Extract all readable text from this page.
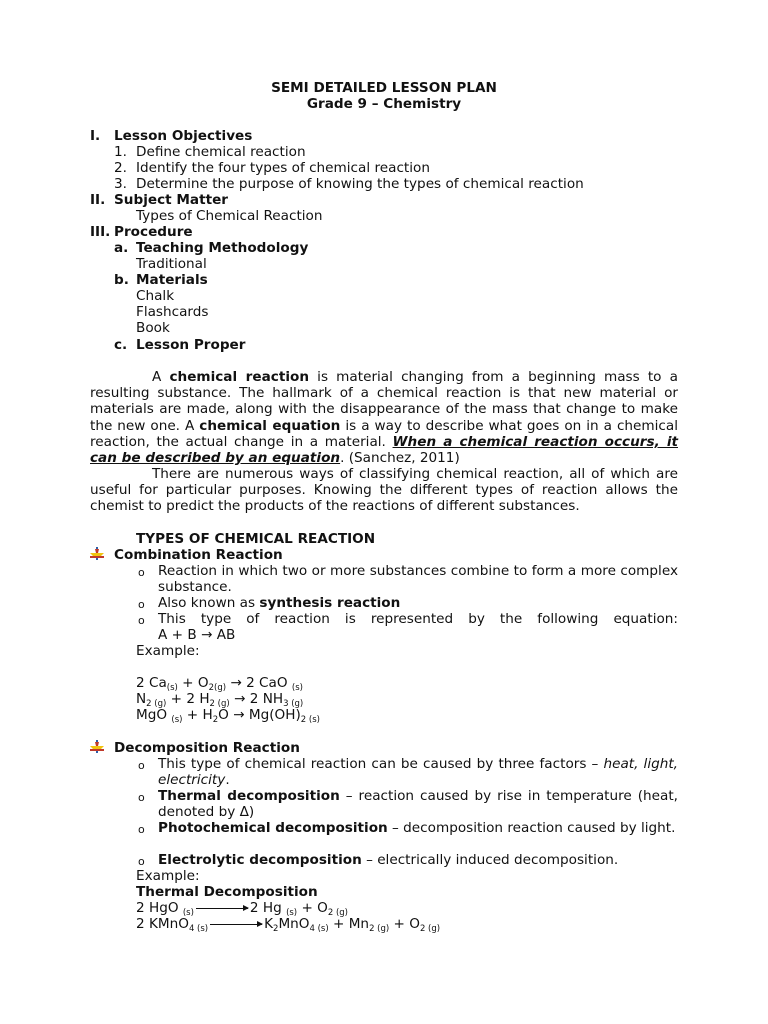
SEMI DETAILED LESSON PLAN
Grade 9 – Chemistry
I. Lesson Objectives
1. Define chemical reaction
2. Identify the four types of chemical reaction
3. Determine the purpose of knowing the types of chemical reaction
II. Subject Matter
Types of Chemical Reaction
III. Procedure
a. Teaching Methodology
Traditional
b. Materials
Chalk
Flashcards
Book
c. Lesson Proper

A chemical reaction is material changing from a beginning mass to a resulting substance. The hallmark of a chemical reaction is that new material or materials are made, along with the disappearance of the mass that change to make the new one. A chemical equation is a way to describe what goes on in a chemical reaction, the actual change in a material. When a chemical reaction occurs, it can be described by an equation. (Sanchez, 2011)

There are numerous ways of classifying chemical reaction, all of which are useful for particular purposes. Knowing the different types of reaction allows the chemist to predict the products of the reactions of different substances.

TYPES OF CHEMICAL REACTION
Combination Reaction
o Reaction in which two or more substances combine to form a more complex substance.
o Also known as synthesis reaction
o This type of reaction is represented by the following equation:
A + B → AB
Example:
2 $Ca_{(s)} + O_{2(g)} \to 2$ CaO $_{(s)}$
$N_{2 (g)} + 2$ $H_{2 (g)} \to 2$ $NH_{3 (g)}$
MgO $_{(s)} + H_2O \to Mg(OH)_{2 (s)}$
Decomposition Reaction
o This type of chemical reaction can be caused by three factors – heat, light, electricity.
o Thermal decomposition – reaction caused by rise in temperature (heat, denoted by Δ)
o Photochemical decomposition – decomposition reaction caused by light.
o Electrolytic decomposition – electrically induced decomposition.
Example:
Thermal Decomposition
2 HgO $_{(s)}$ → 2 Hg $_{(s)} + O_{2 (g)}$
2 KMnO$_{4 (s)}$ → $K_2MnO_{4 (s)} + Mn_{2 (g)} + O_{2 (g)}$
